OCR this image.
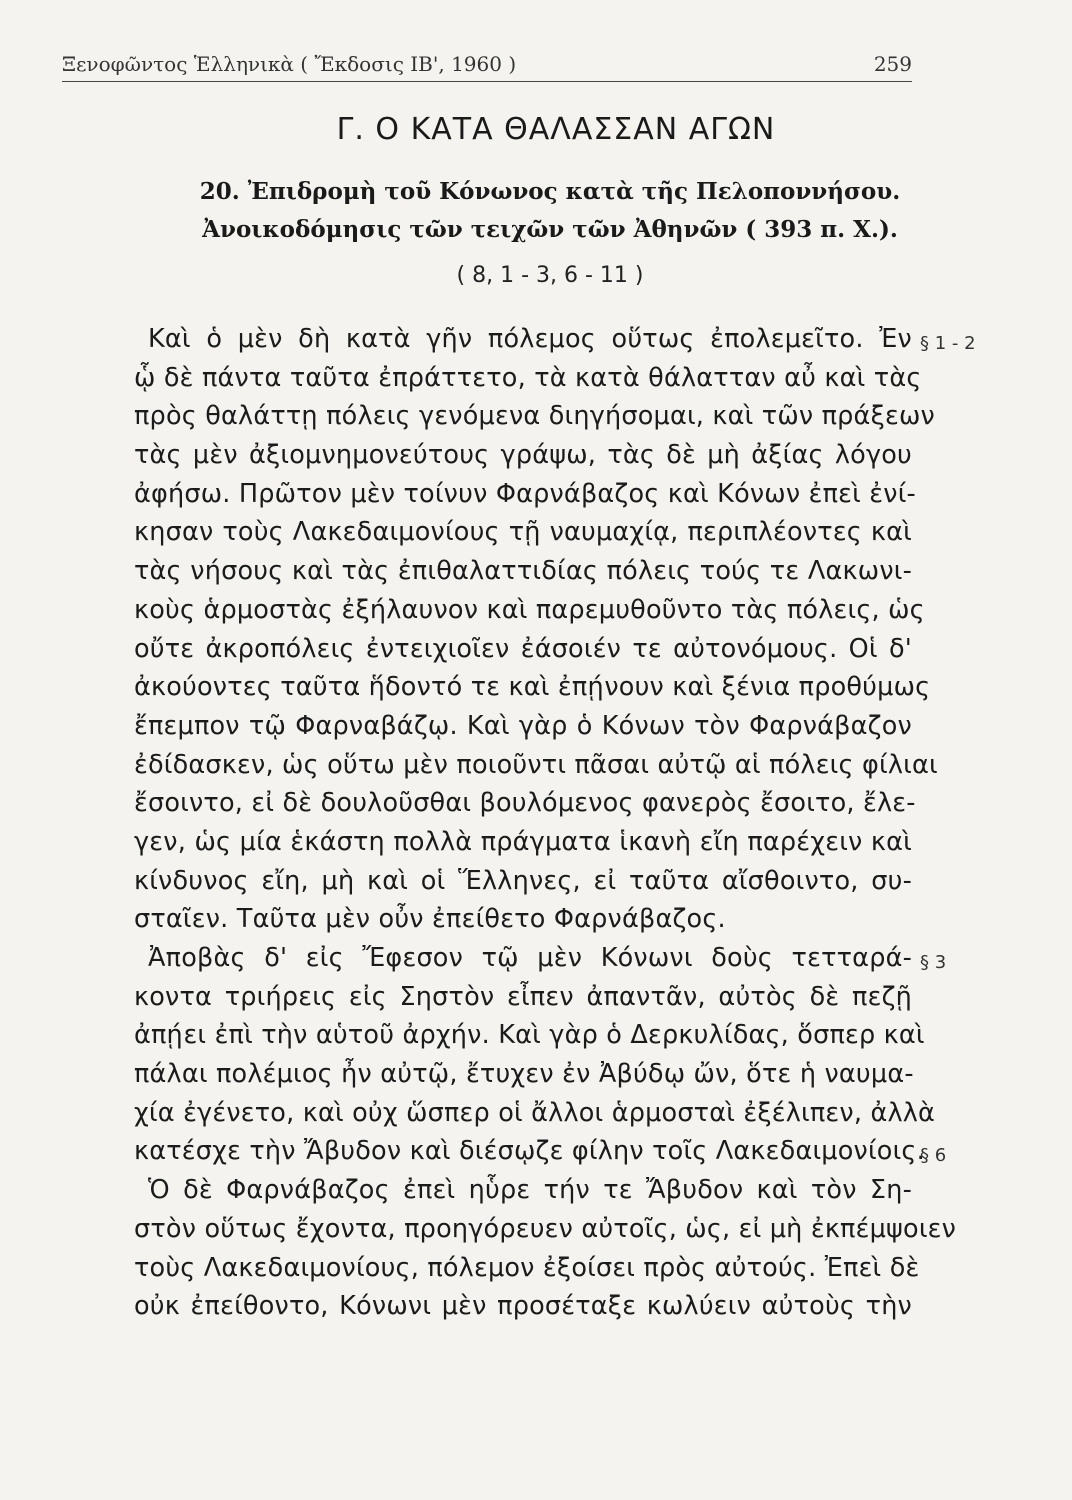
Ξενοφῶντος Ἑλληνικὰ ( Ἔκδοσις ΙΒ', 1960 )	259
Γ. Ο ΚΑΤΑ ΘΑΛΑΣΣΑΝ ΑΓΩΝ
20. Ἐπιδρομὴ τοῦ Κόνωνος κατὰ τῆς Πελοποννήσου.
Ἀνοικοδόμησις τῶν τειχῶν τῶν Ἀθηνῶν ( 393 π. Χ.).
( 8, 1 - 3, 6 - 11 )
Καὶ ὁ μὲν δὴ κατὰ γῆν πόλεμος οὕτως ἐπολεμεῖτο. Ἐν
ᾧ δὲ πάντα ταῦτα ἐπράττετο, τὰ κατὰ θάλατταν αὖ καὶ τὰς
πρὸς θαλάττῃ πόλεις γενόμενα διηγήσομαι, καὶ τῶν πράξεων
τὰς μὲν ἀξιομνημονεύτους γράψω, τὰς δὲ μὴ ἀξίας λόγου
ἀφήσω. Πρῶτον μὲν τοίνυν Φαρνάβαζος καὶ Κόνων ἐπεὶ ἐνί-
κησαν τοὺς Λακεδαιμονίους τῇ ναυμαχίᾳ, περιπλέοντες καὶ
τὰς νήσους καὶ τὰς ἐπιθαλαττιδίας πόλεις τούς τε Λακωνι-
κοὺς ἁρμοστὰς ἐξήλαυνον καὶ παρεμυθοῦντο τὰς πόλεις, ὡς
οὔτε ἀκροπόλεις ἐντειχιοῖεν ἐάσοιέν τε αὐτονόμους. Οἱ δ'
ἀκούοντες ταῦτα ἥδοντό τε καὶ ἐπῄνουν καὶ ξένια προθύμως
ἔπεμπον τῷ Φαρναβάζῳ. Καὶ γὰρ ὁ Κόνων τὸν Φαρνάβαζον
ἐδίδασκεν, ὡς οὕτω μὲν ποιοῦντι πᾶσαι αὐτῷ αἱ πόλεις φίλιαι
ἔσοιντο, εἰ δὲ δουλοῦσθαι βουλόμενος φανερὸς ἔσοιτο, ἔλε-
γεν, ὡς μία ἑκάστη πολλὰ πράγματα ἱκανὴ εἴη παρέχειν καὶ
κίνδυνος εἴη, μὴ καὶ οἱ Ἕλληνες, εἰ ταῦτα αἴσθοιντο, συ-
σταῖεν. Ταῦτα μὲν οὖν ἐπείθετο Φαρνάβαζος.
Ἀποβὰς δ' εἰς Ἔφεσον τῷ μὲν Κόνωνι δοὺς τετταρά-
κοντα τριήρεις εἰς Σηστὸν εἶπεν ἀπαντᾶν, αὐτὸς δὲ πεζῇ
ἀπῄει ἐπὶ τὴν αὑτοῦ ἀρχήν. Καὶ γὰρ ὁ Δερκυλίδας, ὅσπερ καὶ
πάλαι πολέμιος ἦν αὐτῷ, ἔτυχεν ἐν Ἀβύδῳ ὤν, ὅτε ἡ ναυμα-
χία ἐγένετο, καὶ οὐχ ὥσπερ οἱ ἄλλοι ἁρμοσταὶ ἐξέλιπεν, ἀλλὰ
κατέσχε τὴν Ἄβυδον καὶ διέσῳζε φίλην τοῖς Λακεδαιμονίοις.
Ὁ δὲ Φαρνάβαζος ἐπεὶ ηὗρε τήν τε Ἄβυδον καὶ τὸν Ση-
στὸν οὕτως ἔχοντα, προηγόρευεν αὐτοῖς, ὡς, εἰ μὴ ἐκπέμψοιεν
τοὺς Λακεδαιμονίους, πόλεμον ἐξοίσει πρὸς αὐτούς. Ἐπεὶ δὲ
οὐκ ἐπείθοντο, Κόνωνι μὲν προσέταξε κωλύειν αὐτοὺς τὴν
§ 1 - 2
§ 3
§ 6
